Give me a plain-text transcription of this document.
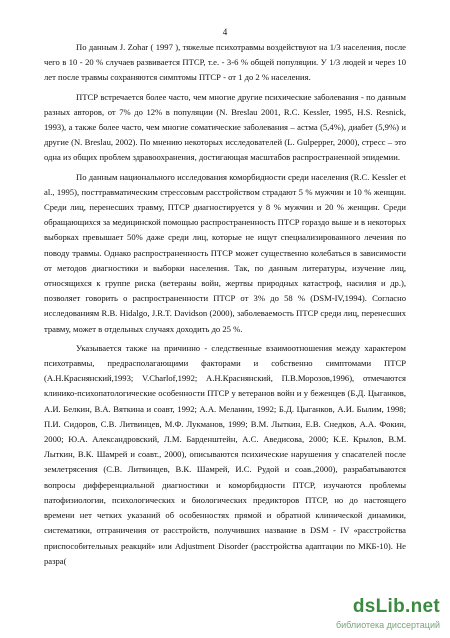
4

По данным J. Zohar ( 1997 ), тяжелые психотравмы воздействуют на 1/3 населения, после чего в 10 - 20 % случаев развивается ПТСР, т.е. - 3-6 % общей популяции. У 1/3 людей и через 10 лет после травмы сохраняются симптомы ПТСР - от 1 до 2 % населения.

ПТСР встречается более часто, чем многие другие психические заболевания - по данным разных авторов, от 7% до 12% в популяции (N. Breslau 2001, R.C. Kessler, 1995, H.S. Resnick, 1993), а также более часто, чем многие соматические заболевания – астма (5,4%), диабет (5,9%) и другие (N. Breslau, 2002). По мнению некоторых исследователей (L. Gulpepper, 2000), стресс – это одна из общих проблем здравоохранения, достигающая масштабов распространенной эпидемии.

По данным национального исследования коморбидности среди населения (R.C. Kessler et al., 1995), посттравматическим стрессовым расстройством страдают 5 % мужчин и 10 % женщин. Среди лиц, перенесших травму, ПТСР диагностируется у 8 % мужчин и 20 % женщин. Среди обращающихся за медицинской помощью распространенность ПТСР гораздо выше и в некоторых выборках превышает 50% даже среди лиц, которые не ищут специализированного лечения по поводу травмы. Однако распространенность ПТСР может существенно колебаться в зависимости от методов диагностики и выборки населения. Так, по данным литературы, изучение лиц, относящихся к группе риска (ветераны войн, жертвы природных катастроф, насилия и др.), позволяет говорить о распространенности ПТСР от 3% до 58 % (DSM-IV,1994). Согласно исследованиям R.B. Hidalgo, J.R.T. Davidson (2000), заболеваемость ПТСР среди лиц, перенесших травму, может в отдельных случаях доходить до 25 %.

Указывается также на причинно - следственные взаимоотношения между характером психотравмы, предрасполагающими факторами и собственно симптомами ПТСР (А.Н.Краснянский,1993; V.Charlof,1992; А.Н.Краснянский, П.В.Морозов,1996), отмечаются клинико-психопатологические особенности ПТСР у ветеранов войн и у беженцев (Б.Д. Цыганков, А.И. Белкин, В.А. Вяткина и соавт, 1992; А.А. Меланин, 1992; Б.Д. Цыганков, А.И. Былим, 1998; П.И. Сидоров, С.В. Литвинцев, М.Ф. Лукманов, 1999; В.М. Лыткин, Е.В. Снедков, А.А. Фокин, 2000; Ю.А. Александровский, Л.М. Барденштейн, А.С. Аведисова, 2000; К.Е. Крылов, В.М. Лыткин, В.К. Шамрей и соавт., 2000), описываются психические нарушения у спасателей после землетрясения (С.В. Литвинцев, В.К. Шамрей, И.С. Рудой и соав.,2000), разрабатываются вопросы дифференциальной диагностики и коморбидности ПТСР, изучаются проблемы патофизиологии, психологических и биологических предикторов ПТСР, но до настоящего времени нет четких указаний об особенностях прямой и обратной клинической динамики, систематики, отграничения от расстройств, получивших название в DSM - IV «расстройства приспособительных реакций» или Adjustment Disorder (расстройства адаптации по МКБ-10). Не разра(

dsLib.net
библиотека диссертаций
